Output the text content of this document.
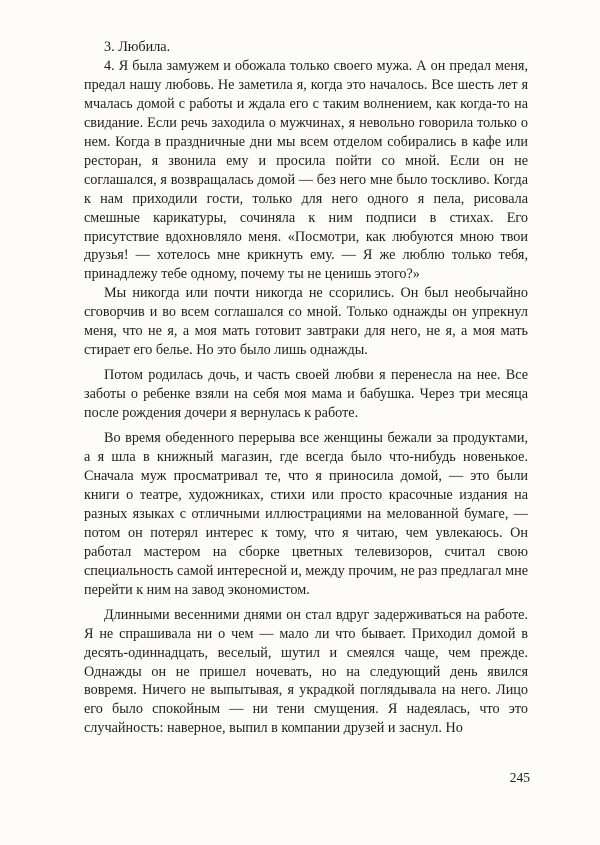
3. Любила.

4. Я была замужем и обожала только своего мужа. А он предал меня, предал нашу любовь. Не заметила я, когда это началось. Все шесть лет я мчалась домой с работы и ждала его с таким волнением, как когда-то на свидание. Если речь заходила о мужчинах, я невольно говорила только о нем. Когда в праздничные дни мы всем отделом собирались в кафе или ресторан, я звонила ему и просила пойти со мной. Если он не соглашался, я возвращалась домой — без него мне было тоскливо. Когда к нам приходили гости, только для него одного я пела, рисовала смешные карикатуры, сочиняла к ним подписи в стихах. Его присутствие вдохновляло меня. «Посмотри, как любуются мною твои друзья! — хотелось мне крикнуть ему. — Я же люблю только тебя, принадлежу тебе одному, почему ты не ценишь этого?»

Мы никогда или почти никогда не ссорились. Он был необычайно сговорчив и во всем соглашался со мной. Только однажды он упрекнул меня, что не я, а моя мать готовит завтраки для него, не я, а моя мать стирает его белье. Но это было лишь однажды.

Потом родилась дочь, и часть своей любви я перенесла на нее. Все заботы о ребенке взяли на себя моя мама и бабушка. Через три месяца после рождения дочери я вернулась к работе.

Во время обеденного перерыва все женщины бежали за продуктами, а я шла в книжный магазин, где всегда было что-нибудь новенькое. Сначала муж просматривал те, что я приносила домой, — это были книги о театре, художниках, стихи или просто красочные издания на разных языках с отличными иллюстрациями на мелованной бумаге, — потом он потерял интерес к тому, что я читаю, чем увлекаюсь. Он работал мастером на сборке цветных телевизоров, считал свою специальность самой интересной и, между прочим, не раз предлагал мне перейти к ним на завод экономистом.

Длинными весенними днями он стал вдруг задерживаться на работе. Я не спрашивала ни о чем — мало ли что бывает. Приходил домой в десять-одиннадцать, веселый, шутил и смеялся чаще, чем прежде. Однажды он не пришел ночевать, но на следующий день явился вовремя. Ничего не выпытывая, я украдкой поглядывала на него. Лицо его было спокойным — ни тени смущения. Я надеялась, что это случайность: наверное, выпил в компании друзей и заснул. Но

245
